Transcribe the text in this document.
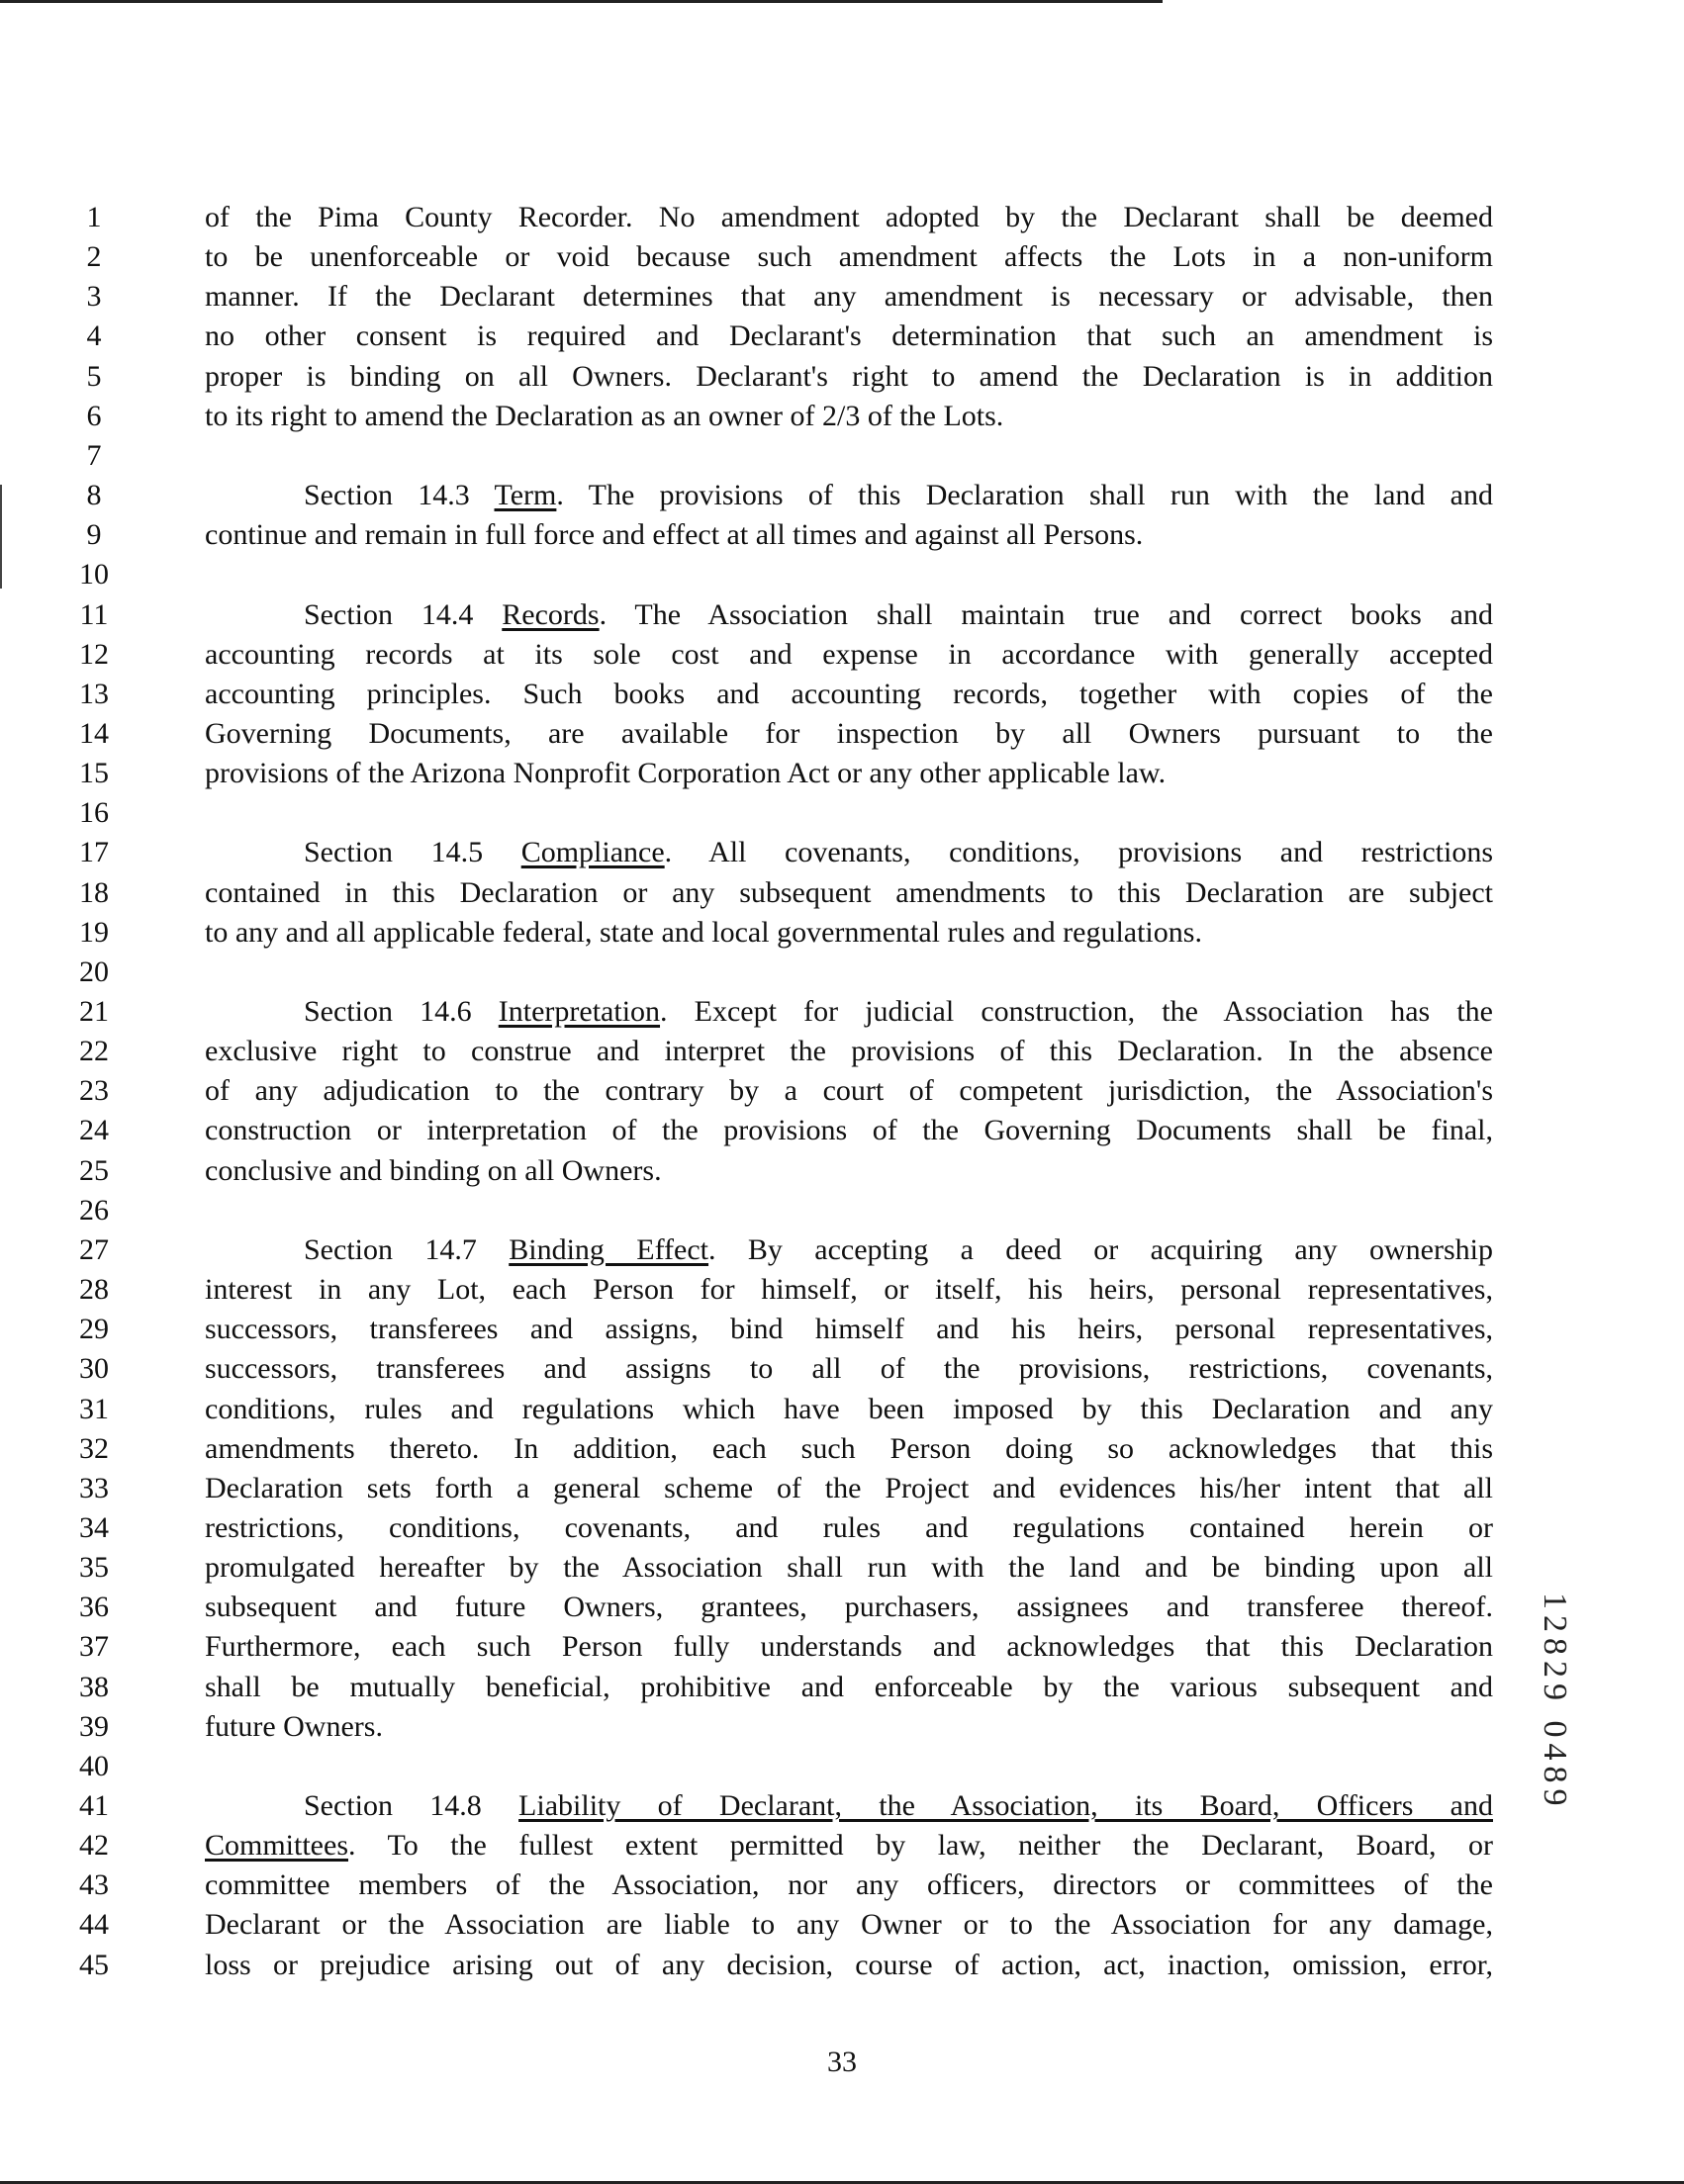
1	of the Pima County Recorder. No amendment adopted by the Declarant shall be deemed
2	to be unenforceable or void because such amendment affects the Lots in a non-uniform
3	manner. If the Declarant determines that any amendment is necessary or advisable, then
4	no other consent is required and Declarant's determination that such an amendment is
5	proper is binding on all Owners. Declarant's right to amend the Declaration is in addition
6	to its right to amend the Declaration as an owner of 2/3 of the Lots.
7
8	Section 14.3 Term. The provisions of this Declaration shall run with the land and
9	continue and remain in full force and effect at all times and against all Persons.
10
11	Section 14.4 Records. The Association shall maintain true and correct books and
12	accounting records at its sole cost and expense in accordance with generally accepted
13	accounting principles. Such books and accounting records, together with copies of the
14	Governing Documents, are available for inspection by all Owners pursuant to the
15	provisions of the Arizona Nonprofit Corporation Act or any other applicable law.
16
17	Section 14.5 Compliance. All covenants, conditions, provisions and restrictions
18	contained in this Declaration or any subsequent amendments to this Declaration are subject
19	to any and all applicable federal, state and local governmental rules and regulations.
20
21	Section 14.6 Interpretation. Except for judicial construction, the Association has the
22	exclusive right to construe and interpret the provisions of this Declaration. In the absence
23	of any adjudication to the contrary by a court of competent jurisdiction, the Association's
24	construction or interpretation of the provisions of the Governing Documents shall be final,
25	conclusive and binding on all Owners.
26
27	Section 14.7 Binding Effect. By accepting a deed or acquiring any ownership
28	interest in any Lot, each Person for himself, or itself, his heirs, personal representatives,
29	successors, transferees and assigns, bind himself and his heirs, personal representatives,
30	successors, transferees and assigns to all of the provisions, restrictions, covenants,
31	conditions, rules and regulations which have been imposed by this Declaration and any
32	amendments thereto. In addition, each such Person doing so acknowledges that this
33	Declaration sets forth a general scheme of the Project and evidences his/her intent that all
34	restrictions, conditions, covenants, and rules and regulations contained herein or
35	promulgated hereafter by the Association shall run with the land and be binding upon all
36	subsequent and future Owners, grantees, purchasers, assignees and transferee thereof.
37	Furthermore, each such Person fully understands and acknowledges that this Declaration
38	shall be mutually beneficial, prohibitive and enforceable by the various subsequent and
39	future Owners.
40
41	Section 14.8 Liability of Declarant, the Association, its Board, Officers and
42	Committees. To the fullest extent permitted by law, neither the Declarant, Board, or
43	committee members of the Association, nor any officers, directors or committees of the
44	Declarant or the Association are liable to any Owner or to the Association for any damage,
45	loss or prejudice arising out of any decision, course of action, act, inaction, omission, error,
33
12829 0489
